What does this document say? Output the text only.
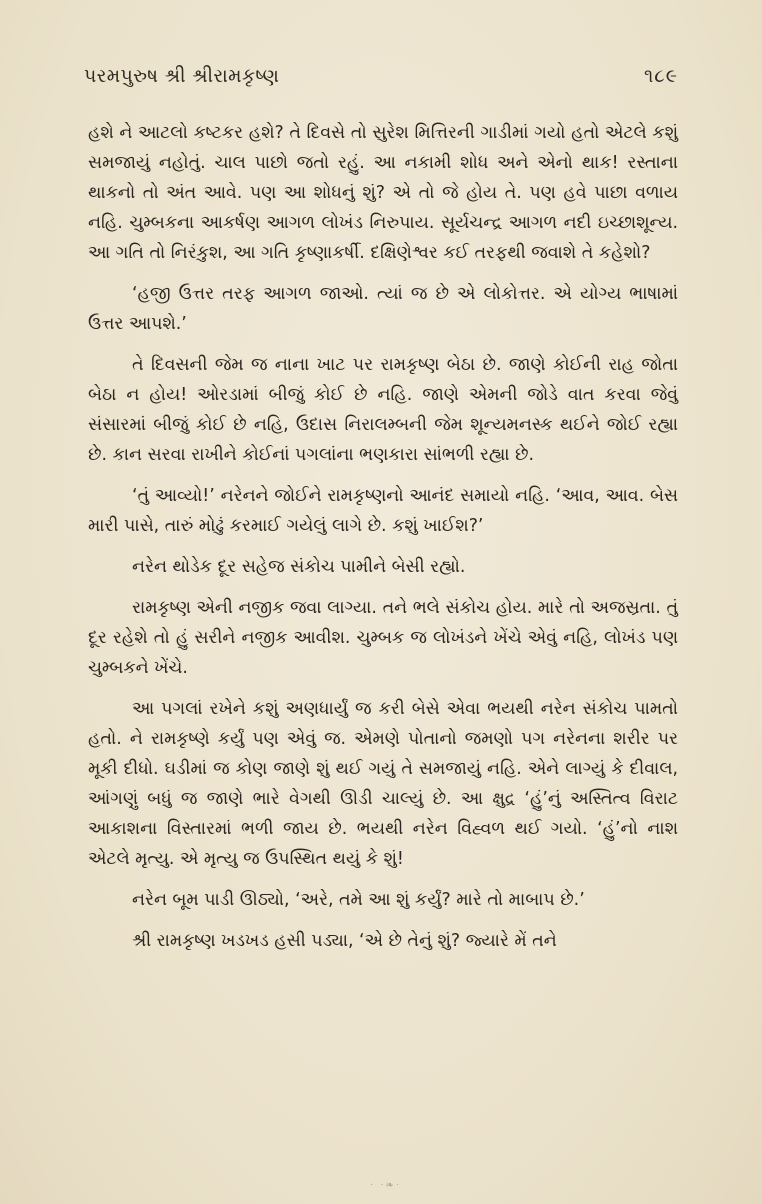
પરમપુરુષ શ્રી શ્રીરામકૃષ્ણ	૧૮૯

હશે ને આટલો કષ્ટકર હશે? તે દિવસે તો સુરેશ મિત્તિરની ગાડીમાં ગયો હતો એટલે કશું સમજાયું નહોતું. ચાલ પાછો જતો રહું. આ નકામી શોધ અને એનો થાક! રસ્તાના થાકનો તો અંત આવે. પણ આ શોધનું શું? એ તો જે હોય તે. પણ હવે પાછા વળાય નહિ. ચુમ્બકના આકર્ષણ આગળ લોખંડ નિરુપાય. સૂર્યચન્દ્ર આગળ નદી ઇચ્છાશૂન્ય. આ ગતિ તો નિરંકુશ, આ ગતિ કૃષ્ણાકર્ષી. દક્ષિણેશ્વર કઈ તરફથી જવાશે તે કહેશો?

‘હજી ઉત્તર તરફ આગળ જાઓ. ત્યાં જ છે એ લોકોત્તર. એ યોગ્ય ભાષામાં ઉત્તર આપશે.’

તે દિવસની જેમ જ નાના ખાટ પર રામકૃષ્ણ બેઠા છે. જાણે કોઈની રાહ જોતા બેઠા ન હોય! ઓરડામાં બીજું કોઈ છે નહિ. જાણે એમની જોડે વાત કરવા જેવું સંસારમાં બીજું કોઈ છે નહિ, ઉદાસ નિરાલમ્બની જેમ શૂન્યમનસ્ક થઈને જોઈ રહ્યા છે. કાન સરવા રાખીને કોઈનાં પગલાંના ભણકારા સાંભળી રહ્યા છે.

‘તું આવ્યો!’ નરેનને જોઈને રામકૃષ્ણનો આનંદ સમાયો નહિ. ‘આવ, આવ. બેસ મારી પાસે, તારું મોઢું કરમાઈ ગયેલું લાગે છે. કશું ખાઈશ?’

નરેન થોડેક દૂર સહેજ સંકોચ પામીને બેસી રહ્યો.

રામકૃષ્ણ એની નજીક જવા લાગ્યા. તને ભલે સંકોચ હોય. મારે તો અજસ્રતા. તું દૂર રહેશે તો હું સરીને નજીક આવીશ. ચુમ્બક જ લોખંડને ખેંચે એવું નહિ, લોખંડ પણ ચુમ્બકને ખેંચે.

આ પગલાં રખેને કશું અણધાર્યું જ કરી બેસે એવા ભયથી નરેન સંકોચ પામતો હતો. ને રામકૃષ્ણે કર્યું પણ એવું જ. એમણે પોતાનો જમણો પગ નરેનના શરીર પર મૂકી દીધો. ઘડીમાં જ કોણ જાણે શું થઈ ગયું તે સમજાયું નહિ. એને લાગ્યું કે દીવાલ, આંગણું બધું જ જાણે ભારે વેગથી ઊડી ચાલ્યું છે. આ ક્ષુદ્ર ‘હું’નું અસ્તિત્વ વિરાટ આકાશના વિસ્તારમાં ભળી જાય છે. ભયથી નરેન વિહ્વળ થઈ ગયો. ‘હું’નો નાશ એટલે મૃત્યુ. એ મૃત્યુ જ ઉપસ્થિત થયું કે શું!

નરેન બૂમ પાડી ઊઠ્યો, ‘અરે, તમે આ શું કર્યું? મારે તો માબાપ છે.’

શ્રી રામકૃષ્ણ ખડખડ હસી પડ્યા, ‘એ છે તેનું શું? જ્યારે મેં તને

· ·❧·
